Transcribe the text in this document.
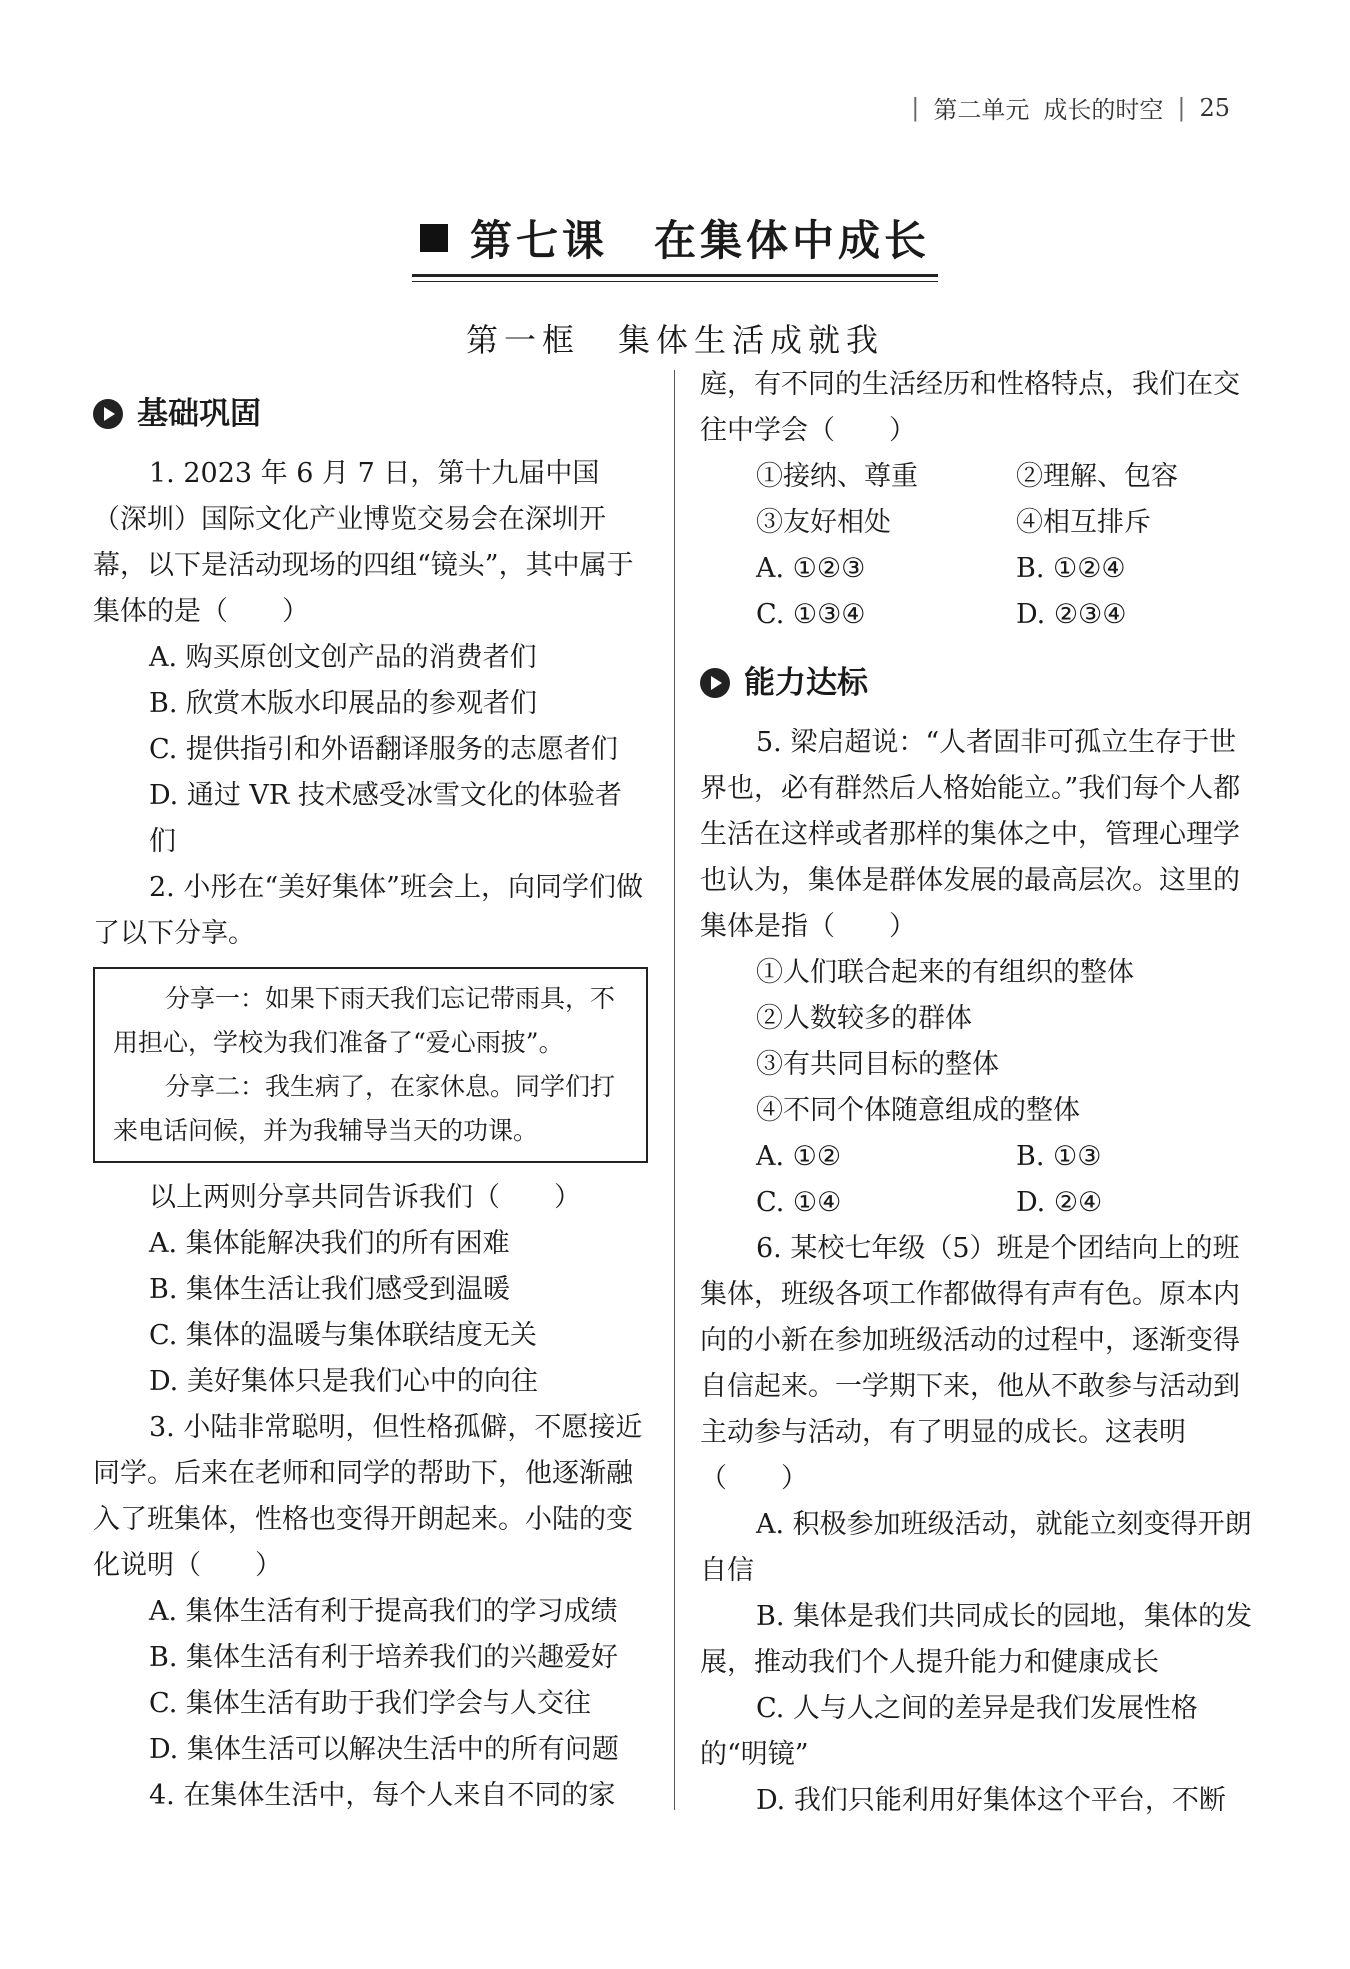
| 第二单元 成长的时空 | 25
第七课　在集体中成长
第一框　集体生活成就我
基础巩固

1. 2023 年 6 月 7 日，第十九届中国（深圳）国际文化产业博览交易会在深圳开幕，以下是活动现场的四组“镜头”，其中属于集体的是（　　）

A. 购买原创文创产品的消费者们

B. 欣赏木版水印展品的参观者们

C. 提供指引和外语翻译服务的志愿者们

D. 通过 VR 技术感受冰雪文化的体验者们

2. 小彤在“美好集体”班会上，向同学们做了以下分享。

分享一：如果下雨天我们忘记带雨具，不用担心，学校为我们准备了“爱心雨披”。

分享二：我生病了，在家休息。同学们打来电话问候，并为我辅导当天的功课。

以上两则分享共同告诉我们（　　）

A. 集体能解决我们的所有困难

B. 集体生活让我们感受到温暖

C. 集体的温暖与集体联结度无关

D. 美好集体只是我们心中的向往

3. 小陆非常聪明，但性格孤僻，不愿接近同学。后来在老师和同学的帮助下，他逐渐融入了班集体，性格也变得开朗起来。小陆的变化说明（　　）

A. 集体生活有利于提高我们的学习成绩

B. 集体生活有利于培养我们的兴趣爱好

C. 集体生活有助于我们学会与人交往

D. 集体生活可以解决生活中的所有问题

4. 在集体生活中，每个人来自不同的家

庭，有不同的生活经历和性格特点，我们在交往中学会（　　）

①接纳、尊重	②理解、包容
③友好相处	④相互排斥
A. ①②③	B. ①②④
C. ①③④	D. ②③④
能力达标

5. 梁启超说：“人者固非可孤立生存于世界也，必有群然后人格始能立。”我们每个人都生活在这样或者那样的集体之中，管理心理学也认为，集体是群体发展的最高层次。这里的集体是指（　　）

①人们联合起来的有组织的整体

②人数较多的群体

③有共同目标的整体

④不同个体随意组成的整体

A. ①②	B. ①③
C. ①④	D. ②④

6. 某校七年级（5）班是个团结向上的班集体，班级各项工作都做得有声有色。原本内向的小新在参加班级活动的过程中，逐渐变得自信起来。一学期下来，他从不敢参与活动到主动参与活动，有了明显的成长。这表明（　　）

A. 积极参加班级活动，就能立刻变得开朗自信

B. 集体是我们共同成长的园地，集体的发展，推动我们个人提升能力和健康成长

C. 人与人之间的差异是我们发展性格的“明镜”

D. 我们只能利用好集体这个平台，不断
